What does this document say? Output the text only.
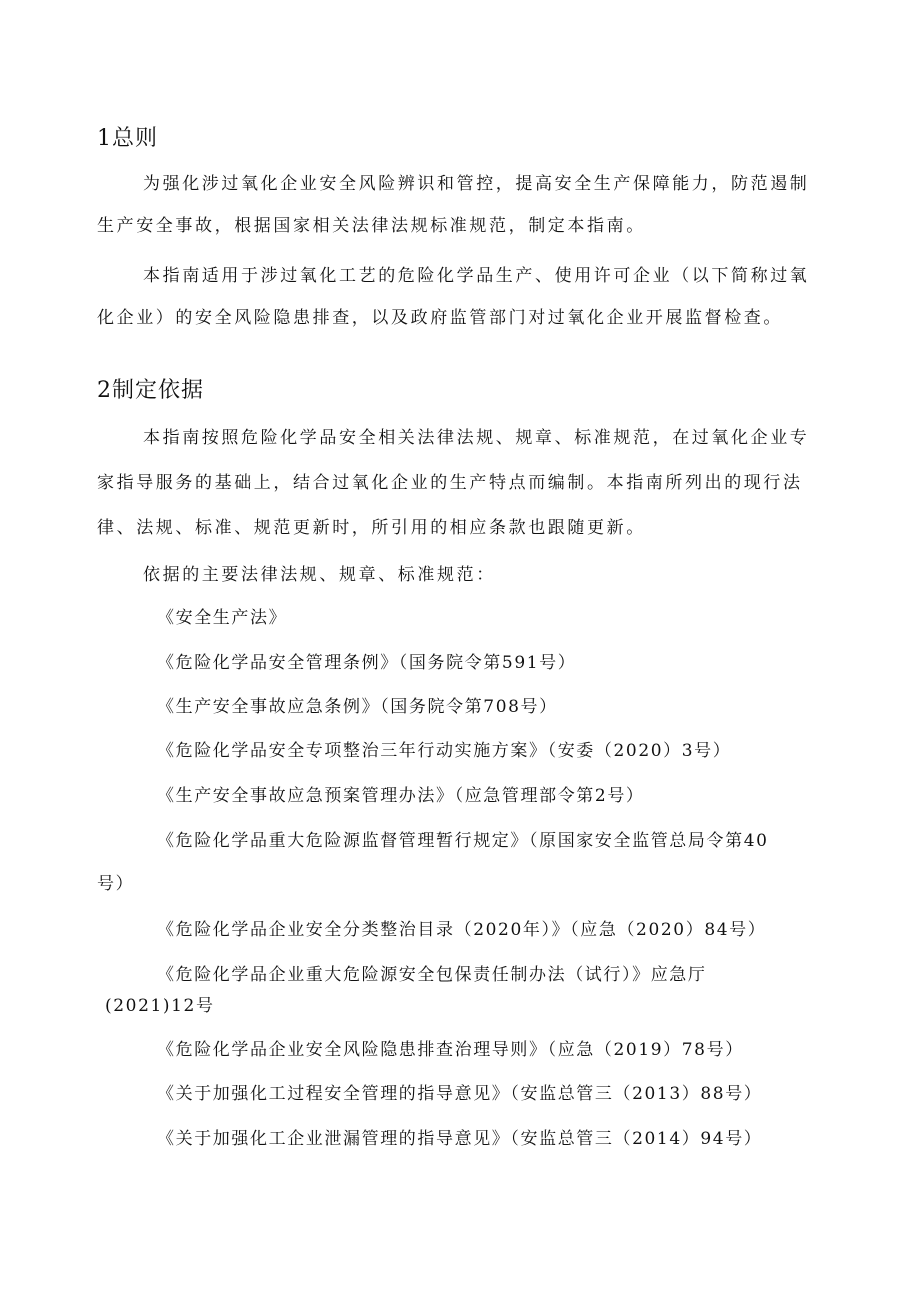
1总则
为强化涉过氧化企业安全风险辨识和管控，提高安全生产保障能力，防范遏制
生产安全事故，根据国家相关法律法规标准规范，制定本指南。
本指南适用于涉过氧化工艺的危险化学品生产、使用许可企业（以下简称过氧
化企业）的安全风险隐患排查，以及政府监管部门对过氧化企业开展监督检查。
2制定依据
本指南按照危险化学品安全相关法律法规、规章、标准规范，在过氧化企业专
家指导服务的基础上，结合过氧化企业的生产特点而编制。本指南所列出的现行法
律、法规、标准、规范更新时，所引用的相应条款也跟随更新。
依据的主要法律法规、规章、标准规范：
《安全生产法》
《危险化学品安全管理条例》（国务院令第591号）
《生产安全事故应急条例》（国务院令第708号）
《危险化学品安全专项整治三年行动实施方案》（安委（2020）3号）
《生产安全事故应急预案管理办法》（应急管理部令第2号）
《危险化学品重大危险源监督管理暂行规定》（原国家安全监管总局令第40
号）
《危险化学品企业安全分类整治目录（2020年）》（应急（2020）84号）
《危险化学品企业重大危险源安全包保责任制办法（试行）》应急厅
(2021)12号
《危险化学品企业安全风险隐患排查治理导则》（应急（2019）78号）
《关于加强化工过程安全管理的指导意见》（安监总管三（2013）88号）
《关于加强化工企业泄漏管理的指导意见》（安监总管三（2014）94号）
